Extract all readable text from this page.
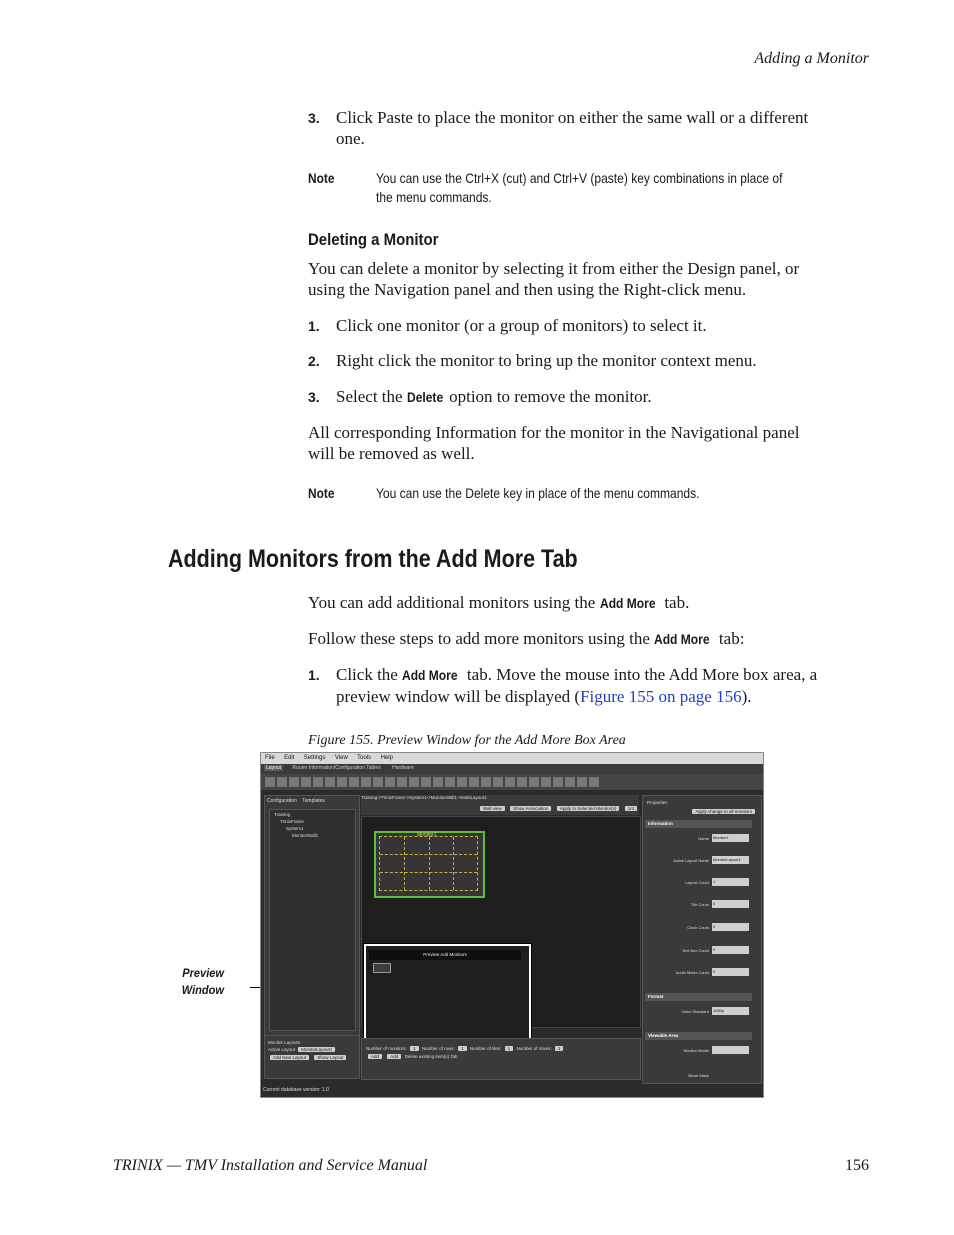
Adding a Monitor
3. Click Paste to place the monitor on either the same wall or a different
one.
Note	You can use the Ctrl+X (cut) and Ctrl+V (paste) key combinations in place of
the menu commands.
Deleting a Monitor
You can delete a monitor by selecting it from either the Design panel, or
using the Navigation panel and then using the Right-click menu.
1. Click one monitor (or a group of monitors) to select it.
2. Right click the monitor to bring up the monitor context menu.
3. Select the Delete option to remove the monitor.
All corresponding Information for the monitor in the Navigational panel
will be removed as well.
Note	You can use the Delete key in place of the menu commands.
Adding Monitors from the Add More Tab
You can add additional monitors using the Add More tab.
Follow these steps to add more monitors using the Add More tab:
1. Click the Add More tab. Move the mouse into the Add More box area, a
preview window will be displayed (Figure 155 on page 156).
Figure 155. Preview Window for the Add More Box Area
Preview
Window
File Edit Settings View Tools Help
Layout Router Information/Configuration Tables Hardware
Configuration Templates
Training
TrinixFrame
System1
MonitorWall1
Monitor Layouts
Active Layout MonitorLayout1
Add New Layout	Show Layout
Training->TrinixFrame->System1->MonitorWall1->MultiLayout1
Wall view	Show Association	Apply to Selected Monitor(s)	1/4
Monitor1
Preview Add Monitors
Number of monitors: 1 Number of rows: 1 Number of tiles: 1 Number of mixes: 1
Add	Add Delete existing item(s) Tab
Properties
Apply change to all monitors
Information
Name Monitor1
Active Layout Name MonitorLayout1
Layout Count 1
Tile Count 0
Clock Count 0
Text Box Count 0
Audio Meter Count 0
Format
Video Standard 1080p
Viewable Area
Monitor Model
Bezel Mask
Current database version: 1.0
TRINIX — TMV Installation and Service Manual	156
